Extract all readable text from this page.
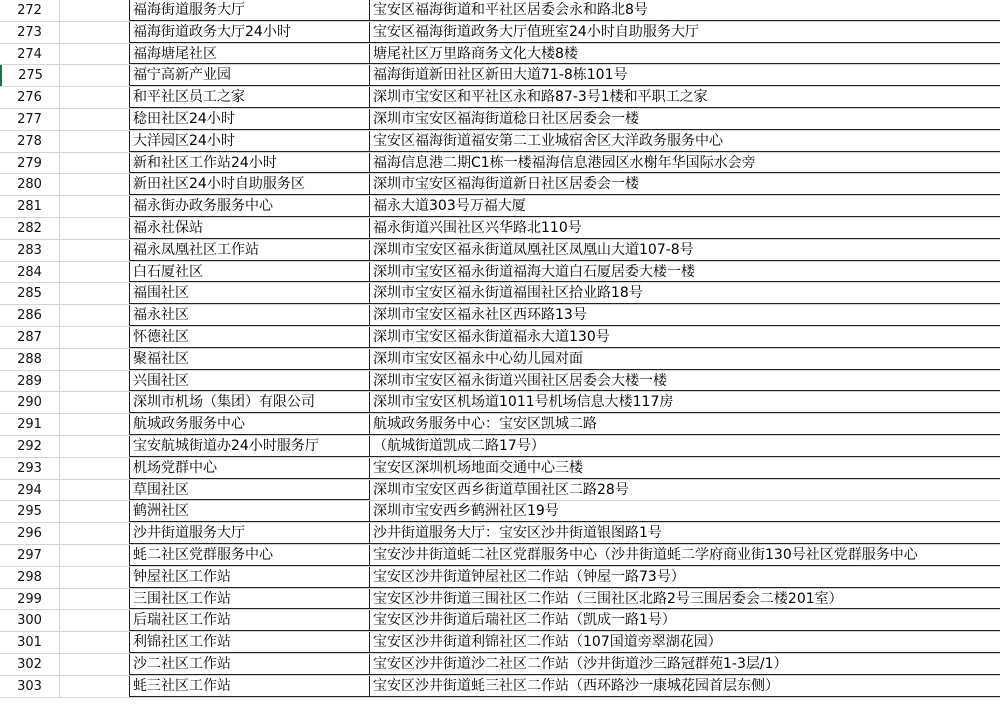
272	福海街道服务大厅	宝安区福海街道和平社区居委会永和路北8号
273	福海街道政务大厅24小时	宝安区福海街道政务大厅值班室24小时自助服务大厅
274	福海塘尾社区	塘尾社区万里路商务文化大楼8楼
275	福宁高新产业园	福海街道新田社区新田大道71-8栋101号
276	和平社区员工之家	深圳市宝安区和平社区永和路87-3号1楼和平职工之家
277	稔田社区24小时	深圳市宝安区福海街道稔日社区居委会一楼
278	大洋园区24小时	宝安区福海街道福安第二工业城宿舍区大洋政务服务中心
279	新和社区工作站24小时	福海信息港二期C1栋一楼福海信息港园区水榭年华国际水会旁
280	新田社区24小时自助服务区	深圳市宝安区福海街道新日社区居委会一楼
281	福永街办政务服务中心	福永大道303号万福大厦
282	福永社保站	福永街道兴围社区兴华路北110号
283	福永凤凰社区工作站	深圳市宝安区福永街道凤凰社区凤凰山大道107-8号
284	白石厦社区	深圳市宝安区福永街道福海大道白石厦居委大楼一楼
285	福围社区	深圳市宝安区福永街道福围社区拾业路18号
286	福永社区	深圳市宝安区福永社区西环路13号
287	怀德社区	深圳市宝安区福永街道福永大道130号
288	聚福社区	深圳市宝安区福永中心幼儿园对面
289	兴围社区	深圳市宝安区福永街道兴围社区居委会大楼一楼
290	深圳市机场（集团）有限公司	深圳市宝安区机场道1011号机场信息大楼117房
291	航城政务服务中心	航城政务服务中心：宝安区凯城二路
292	宝安航城街道办24小时服务厅	（航城街道凯成二路17号）
293	机场党群中心	宝安区深圳机场地面交通中心三楼
294	草围社区	深圳市宝安区西乡街道草围社区二路28号
295	鹤洲社区	深圳市宝安西乡鹤洲社区19号
296	沙井街道服务大厅	沙井街道服务大厅：宝安区沙井街道银图路1号
297	蚝二社区党群服务中心	宝安沙井街道蚝二社区党群服务中心（沙井街道蚝二学府商业街130号社区党群服务中心
298	钟屋社区工作站	宝安区沙井街道钟屋社区二作站（钟屋一路73号）
299	三围社区工作站	宝安区沙井街道三围社区二作站（三围社区北路2号三围居委会二楼201室）
300	后瑞社区工作站	宝安区沙井街道后瑞社区二作站（凯成一路1号）
301	利锦社区工作站	宝安区沙井街道利锦社区二作站（107国道旁翠湖花园）
302	沙二社区工作站	宝安区沙井街道沙二社区二作站（沙井街道沙三路冠群苑1-3层/1）
303	蚝三社区工作站	宝安区沙井街道蚝三社区二作站（西环路沙一康城花园首层东侧）
